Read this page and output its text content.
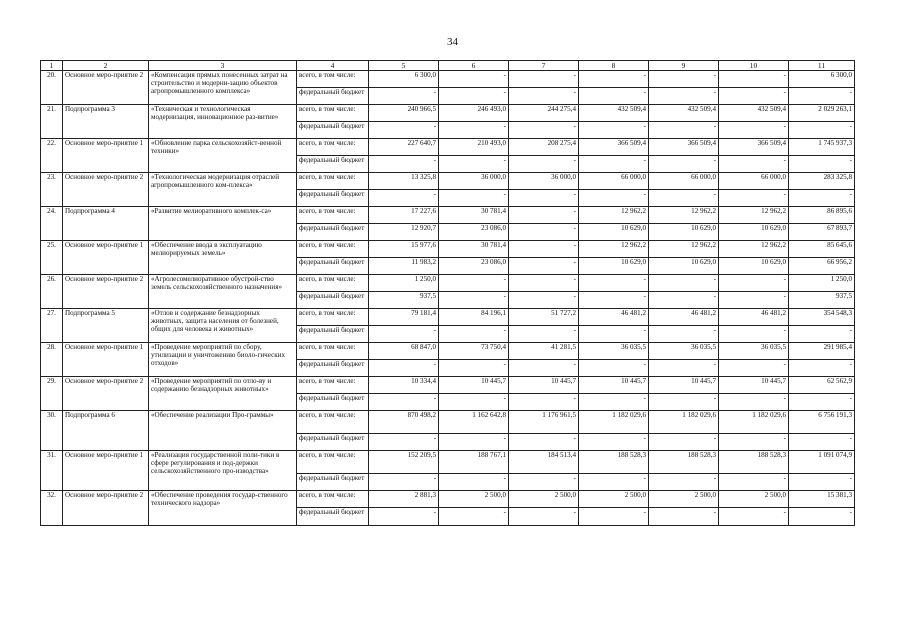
34
1	2	3	4	5	6	7	8	9	10	11
20.	Основное меро-приятие 2	«Компенсация прямых понесенных затрат на строительство и модерни-зацию объектов агропромышленного комплекса»	всего, в том числе:	6 300,0	-	-	-	-	-	6 300,0
			федеральный бюджет	-	-	-	-	-	-	-
21.	Подпрограмма 3	«Техническая и технологическая модернизация, инновационное раз-витие»	всего, в том числе:	240 966,5	246 493,0	244 275,4	432 509,4	432 509,4	432 509,4	2 029 263,1
			федеральный бюджет	-	-	-	-	-	-	-
22.	Основное меро-приятие 1	«Обновление парка сельскохозяйст-венной техники»	всего, в том числе:	227 640,7	210 493,0	208 275,4	366 509,4	366 509,4	366 509,4	1 745 937,3
			федеральный бюджет	-	-	-	-	-	-	-
23.	Основное меро-приятие 2	«Технологическая модернизация отраслей агропромышленного ком-плекса»	всего, в том числе:	13 325,8	36 000,0	36 000,0	66 000,0	66 000,0	66 000,0	283 325,8
			федеральный бюджет	-	-	-	-	-	-	-
24.	Подпрограмма 4	«Развитие мелиоративного комплек-са»	всего, в том числе:	17 227,6	30 781,4	-	12 962,2	12 962,2	12 962,2	86 895,6
			федеральный бюджет	12 920,7	23 086,0	-	10 629,0	10 629,0	10 629,0	67 893,7
25.	Основное меро-приятие 1	«Обеспечение ввода в эксплуатацию мелиорируемых земель»	всего, в том числе:	15 977,6	30 781,4	-	12 962,2	12 962,2	12 962,2	85 645,6
			федеральный бюджет	11 983,2	23 086,0	-	10 629,0	10 629,0	10 629,0	66 956,2
26.	Основное меро-приятие 2	«Агролесомелиоративное обустрой-ство земель сельскохозяйственного назначения»	всего, в том числе:	1 250,0	-	-	-	-	-	1 250,0
			федеральный бюджет	937,5	-	-	-	-	-	937,5
27.	Подпрограмма 5	«Отлов и содержание безнадзорных животных, защита населения от болезней, общих для человека и животных»	всего, в том числе:	79 181,4	84 196,1	51 727,2	46 481,2	46 481,2	46 481,2	354 548,3
			федеральный бюджет	-	-	-	-	-	-	-
28.	Основное меро-приятие 1	«Проведение мероприятий по сбору, утилизации и уничтожению биоло-гических отходов»	всего, в том числе:	68 847,0	73 750,4	41 281,5	36 035,5	36 035,5	36 035,5	291 985,4
			федеральный бюджет	-	-	-	-	-	-	-
29.	Основное меро-приятие 2	«Проведение мероприятий по отло-ву и содержанию безнадзорных животных»	всего, в том числе:	10 334,4	10 445,7	10 445,7	10 445,7	10 445,7	10 445,7	62 562,9
			федеральный бюджет	-	-	-	-	-	-	-
30.	Подпрограмма 6	«Обеспечение реализации Про-граммы»	всего, в том числе:	870 498,2	1 162 642,8	1 176 961,5	1 182 029,6	1 182 029,6	1 182 029,6	6 756 191,3
			федеральный бюджет	-	-	-	-	-	-	-
31.	Основное меро-приятие 1	«Реализация государственной поли-тики в сфере регулирования и под-держки сельскохозяйственного про-изводства»	всего, в том числе:	152 209,5	188 767,1	184 513,4	188 528,3	188 528,3	188 528,3	1 091 074,9
			федеральный бюджет	-	-	-	-	-	-	-
32.	Основное меро-приятие 2	«Обеспечение проведения государ-ственного технического надзора»	всего, в том числе:	2 881,3	2 500,0	2 500,0	2 500,0	2 500,0	2 500,0	15 381,3
			федеральный бюджет	-	-	-	-	-	-	-
